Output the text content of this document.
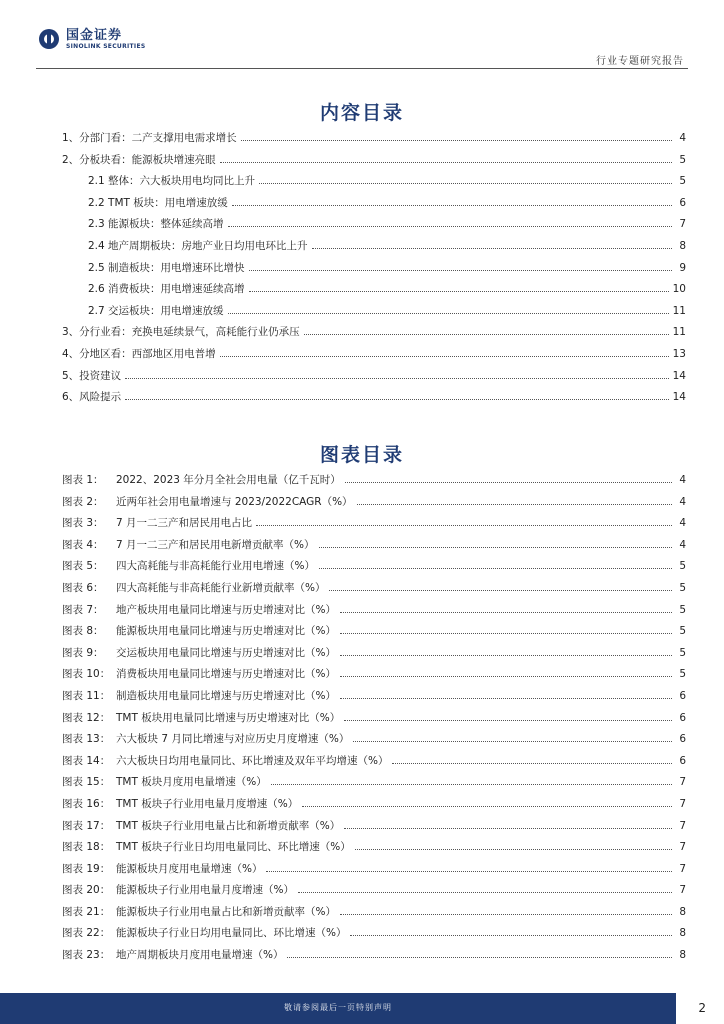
国金证券
SINOLINK SECURITIES
行业专题研究报告
内容目录
1、分部门看：二产支撑用电需求增长	4
2、分板块看：能源板块增速亮眼	5
2.1 整体：六大板块用电均同比上升	5
2.2 TMT 板块：用电增速放缓	6
2.3 能源板块：整体延续高增	7
2.4 地产周期板块：房地产业日均用电环比上升	8
2.5 制造板块：用电增速环比增快	9
2.6 消费板块：用电增速延续高增	10
2.7 交运板块：用电增速放缓	11
3、分行业看：充换电延续景气，高耗能行业仍承压	11
4、分地区看：西部地区用电普增	13
5、投资建议	14
6、风险提示	14
图表目录
图表 1： 2022、2023 年分月全社会用电量（亿千瓦时）	4
图表 2： 近两年社会用电量增速与 2023/2022CAGR（%）	4
图表 3： 7 月一二三产和居民用电占比	4
图表 4： 7 月一二三产和居民用电新增贡献率（%）	4
图表 5： 四大高耗能与非高耗能行业用电增速（%）	5
图表 6： 四大高耗能与非高耗能行业新增贡献率（%）	5
图表 7： 地产板块用电量同比增速与历史增速对比（%）	5
图表 8： 能源板块用电量同比增速与历史增速对比（%）	5
图表 9： 交运板块用电量同比增速与历史增速对比（%）	5
图表 10： 消费板块用电量同比增速与历史增速对比（%）	5
图表 11： 制造板块用电量同比增速与历史增速对比（%）	6
图表 12： TMT 板块用电量同比增速与历史增速对比（%）	6
图表 13： 六大板块 7 月同比增速与对应历史月度增速（%）	6
图表 14： 六大板块日均用电量同比、环比增速及双年平均增速（%）	6
图表 15： TMT 板块月度用电量增速（%）	7
图表 16： TMT 板块子行业用电量月度增速（%）	7
图表 17： TMT 板块子行业用电量占比和新增贡献率（%）	7
图表 18： TMT 板块子行业日均用电量同比、环比增速（%）	7
图表 19： 能源板块月度用电量增速（%）	7
图表 20： 能源板块子行业用电量月度增速（%）	7
图表 21： 能源板块子行业用电量占比和新增贡献率（%）	8
图表 22： 能源板块子行业日均用电量同比、环比增速（%）	8
图表 23： 地产周期板块月度用电量增速（%）	8
敬请参阅最后一页特别声明	2
